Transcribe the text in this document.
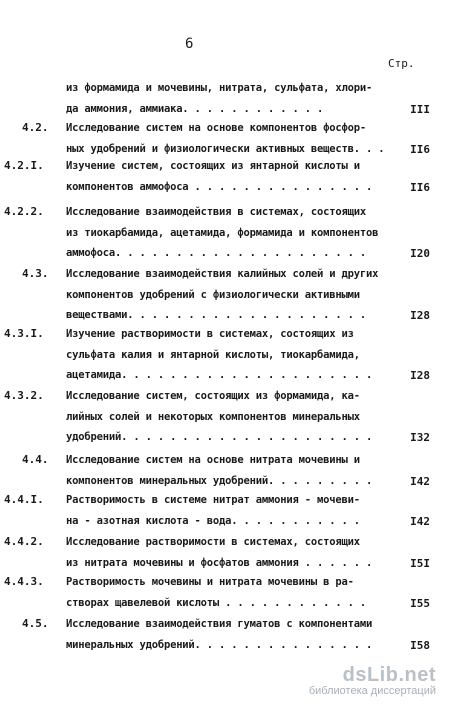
6
Стр.
из формамида и мочевины, нитрата, сульфата, хлори-
да аммония, аммиака. . . . . . . . . . . .	III
4.2. Исследование систем на основе компонентов фосфор-
ных удобрений и физиологически активных веществ. . . II6
4.2.I. Изучение систем, состоящих из янтарной кислоты и
компонентов аммофоса . . . . . . . . . . . . . . .	II6
4.2.2. Исследование взаимодействия в системах, состоящих
из тиокарбамида, ацетамида, формамида и компонентов
аммофоса. . . . . . . . . . . . . . . . . . . . .	I20
4.3. Исследование взаимодействия калийных солей и других
компонентов удобрений с физиологически активными
веществами. . . . . . . . . . . . . . . . . . . .	I28
4.3.I. Изучение растворимости в системах, состоящих из
сульфата калия и янтарной кислоты, тиокарбамида,
ацетамида. . . . . . . . . . . . . . . . . . . . .	I28
4.3.2. Исследование систем, состоящих из формамида, ка-
лийных солей и некоторых компонентов минеральных
удобрений. . . . . . . . . . . . . . . . . . . . .	I32
4.4. Исследование систем на основе нитрата мочевины и
компонентов минеральных удобрений. . . . . . . . .	I42
4.4.I. Растворимость в системе нитрат аммония - мочеви-
на - азотная кислота - вода. . . . . . . . . . .	I42
4.4.2. Исследование растворимости в системах, состоящих
из нитрата мочевины и фосфатов аммония . . . . . .	I5I
4.4.3. Растворимость мочевины и нитрата мочевины в ра-
створах щавелевой кислоты . . . . . . . . . . . .	I55
4.5. Исследование взаимодействия гуматов с компонентами
минеральных удобрений. . . . . . . . . . . . . . .	I58
dsLib.net
библиотека диссертаций
